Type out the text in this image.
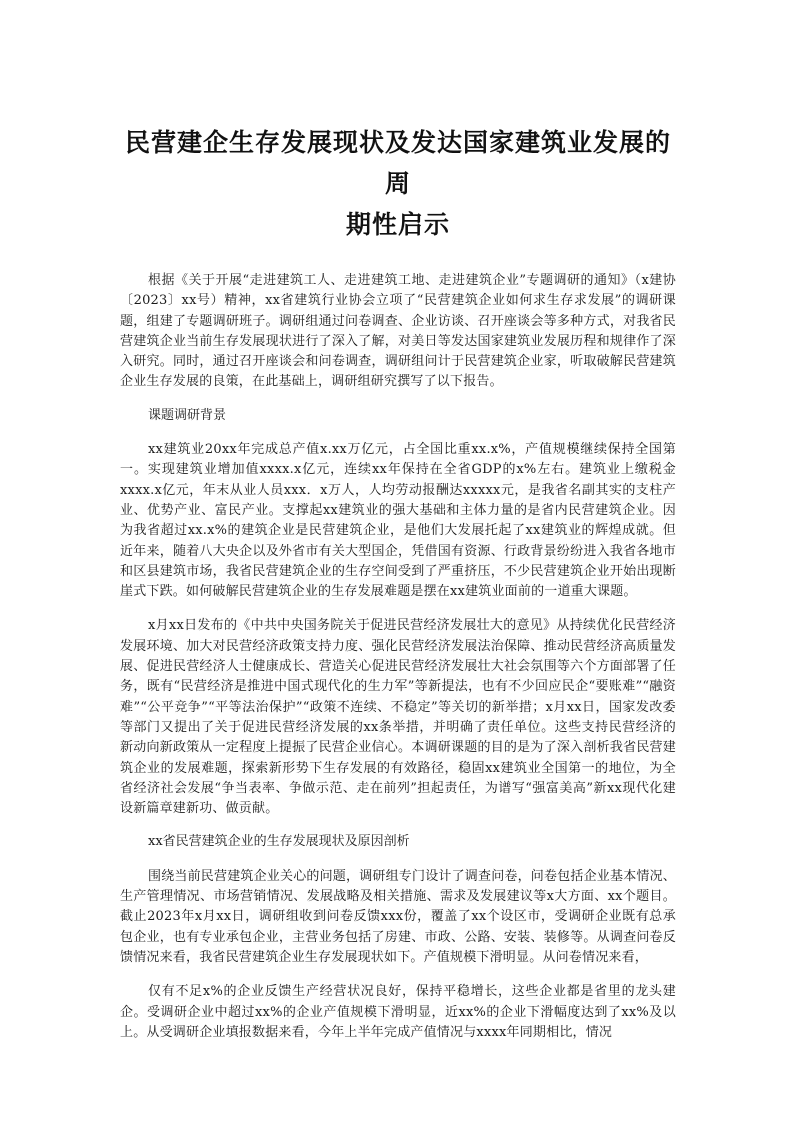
民营建企生存发展现状及发达国家建筑业发展的周
期性启示

根据《关于开展“走进建筑工人、走进建筑工地、走进建筑企业”专题调研的通知》（x建协〔2023〕xx号）精神，xx省建筑行业协会立项了“民营建筑企业如何求生存求发展”的调研课题，组建了专题调研班子。调研组通过问卷调查、企业访谈、召开座谈会等多种方式，对我省民营建筑企业当前生存发展现状进行了深入了解，对美日等发达国家建筑业发展历程和规律作了深入研究。同时，通过召开座谈会和问卷调查，调研组问计于民营建筑企业家，听取破解民营建筑企业生存发展的良策，在此基础上，调研组研究撰写了以下报告。

课题调研背景

xx建筑业20xx年完成总产值x.xx万亿元，占全国比重xx.x%，产值规模继续保持全国第一。实现建筑业增加值xxxx.x亿元，连续xx年保持在全省GDP的x%左右。建筑业上缴税金xxxx.x亿元，年末从业人员xxx．x万人，人均劳动报酬达xxxxx元，是我省名副其实的支柱产业、优势产业、富民产业。支撑起xx建筑业的强大基础和主体力量的是省内民营建筑企业。因为我省超过xx.x%的建筑企业是民营建筑企业，是他们大发展托起了xx建筑业的辉煌成就。但近年来，随着八大央企以及外省市有关大型国企，凭借国有资源、行政背景纷纷进入我省各地市和区县建筑市场，我省民营建筑企业的生存空间受到了严重挤压，不少民营建筑企业开始出现断崖式下跌。如何破解民营建筑企业的生存发展难题是摆在xx建筑业面前的一道重大课题。

x月xx日发布的《中共中央国务院关于促进民营经济发展壮大的意见》从持续优化民营经济发展环境、加大对民营经济政策支持力度、强化民营经济发展法治保障、推动民营经济高质量发展、促进民营经济人士健康成长、营造关心促进民营经济发展壮大社会氛围等六个方面部署了任务，既有“民营经济是推进中国式现代化的生力军”等新提法，也有不少回应民企“要账难”“融资难”“公平竞争”“平等法治保护”“政策不连续、不稳定”等关切的新举措；x月xx日，国家发改委等部门又提出了关于促进民营经济发展的xx条举措，并明确了责任单位。这些支持民营经济的新动向新政策从一定程度上提振了民营企业信心。本调研课题的目的是为了深入剖析我省民营建筑企业的发展难题，探索新形势下生存发展的有效路径，稳固xx建筑业全国第一的地位，为全省经济社会发展“争当表率、争做示范、走在前列”担起责任，为谱写“强富美高”新xx现代化建设新篇章建新功、做贡献。

xx省民营建筑企业的生存发展现状及原因剖析

围绕当前民营建筑企业关心的问题，调研组专门设计了调查问卷，问卷包括企业基本情况、生产管理情况、市场营销情况、发展战略及相关措施、需求及发展建议等x大方面、xx个题目。截止2023年x月xx日，调研组收到问卷反馈xxx份，覆盖了xx个设区市，受调研企业既有总承包企业，也有专业承包企业，主营业务包括了房建、市政、公路、安装、装修等。从调查问卷反馈情况来看，我省民营建筑企业生存发展现状如下。产值规模下滑明显。从问卷情况来看，

仅有不足x%的企业反馈生产经营状况良好，保持平稳增长，这些企业都是省里的龙头建企。受调研企业中超过xx%的企业产值规模下滑明显，近xx%的企业下滑幅度达到了xx%及以上。从受调研企业填报数据来看，今年上半年完成产值情况与xxxx年同期相比，情况
